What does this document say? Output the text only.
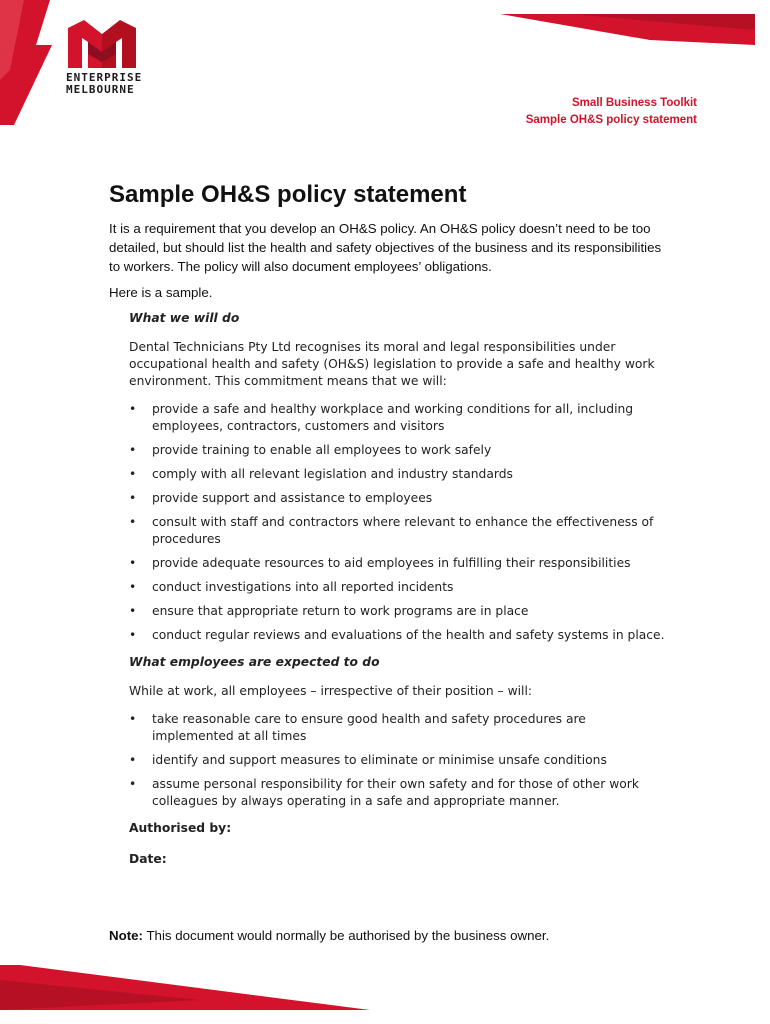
ENTERPRISE
MELBOURNE
Small Business Toolkit
Sample OH&S policy statement
Sample OH&S policy statement

It is a requirement that you develop an OH&S policy. An OH&S policy doesn’t need to be too detailed, but should list the health and safety objectives of the business and its responsibilities to workers. The policy will also document employees’ obligations.

Here is a sample.

What we will do

Dental Technicians Pty Ltd recognises its moral and legal responsibilities under occupational health and safety (OH&S) legislation to provide a safe and healthy work environment. This commitment means that we will:

• provide a safe and healthy workplace and working conditions for all, including employees, contractors, customers and visitors
• provide training to enable all employees to work safely
• comply with all relevant legislation and industry standards
• provide support and assistance to employees
• consult with staff and contractors where relevant to enhance the effectiveness of procedures
• provide adequate resources to aid employees in fulfilling their responsibilities
• conduct investigations into all reported incidents
• ensure that appropriate return to work programs are in place
• conduct regular reviews and evaluations of the health and safety systems in place.
What employees are expected to do

While at work, all employees – irrespective of their position – will:

• take reasonable care to ensure good health and safety procedures are implemented at all times
• identify and support measures to eliminate or minimise unsafe conditions
• assume personal responsibility for their own safety and for those of other work colleagues by always operating in a safe and appropriate manner.
Authorised by:
Date:
Note: This document would normally be authorised by the business owner.
